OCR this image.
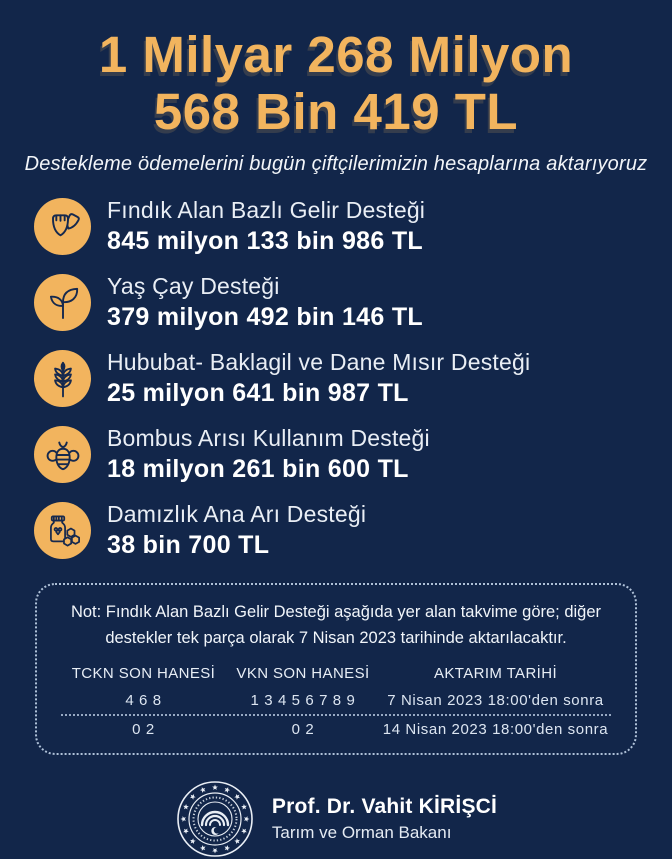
1 Milyar 268 Milyon
568 Bin 419 TL
Destekleme ödemelerini bugün çiftçilerimizin hesaplarına aktarıyoruz
Fındık Alan Bazlı Gelir Desteği
845 milyon 133 bin 986 TL
Yaş Çay Desteği
379 milyon 492 bin 146 TL
Hububat- Baklagil ve Dane Mısır Desteği
25 milyon 641 bin 987 TL
Bombus Arısı Kullanım Desteği
18 milyon 261 bin 600 TL
Damızlık Ana Arı Desteği
38 bin 700 TL
Not: Fındık Alan Bazlı Gelir Desteği aşağıda yer alan takvime göre; diğer destekler tek parça olarak 7 Nisan 2023 tarihinde aktarılacaktır.
TCKN SON HANESİ	VKN SON HANESİ	AKTARIM TARİHİ
4 6 8	1 3 4 5 6 7 8 9	7 Nisan 2023 18:00'den sonra
0 2	0 2	14 Nisan 2023 18:00'den sonra
Prof. Dr. Vahit KİRİŞCİ
Tarım ve Orman Bakanı
